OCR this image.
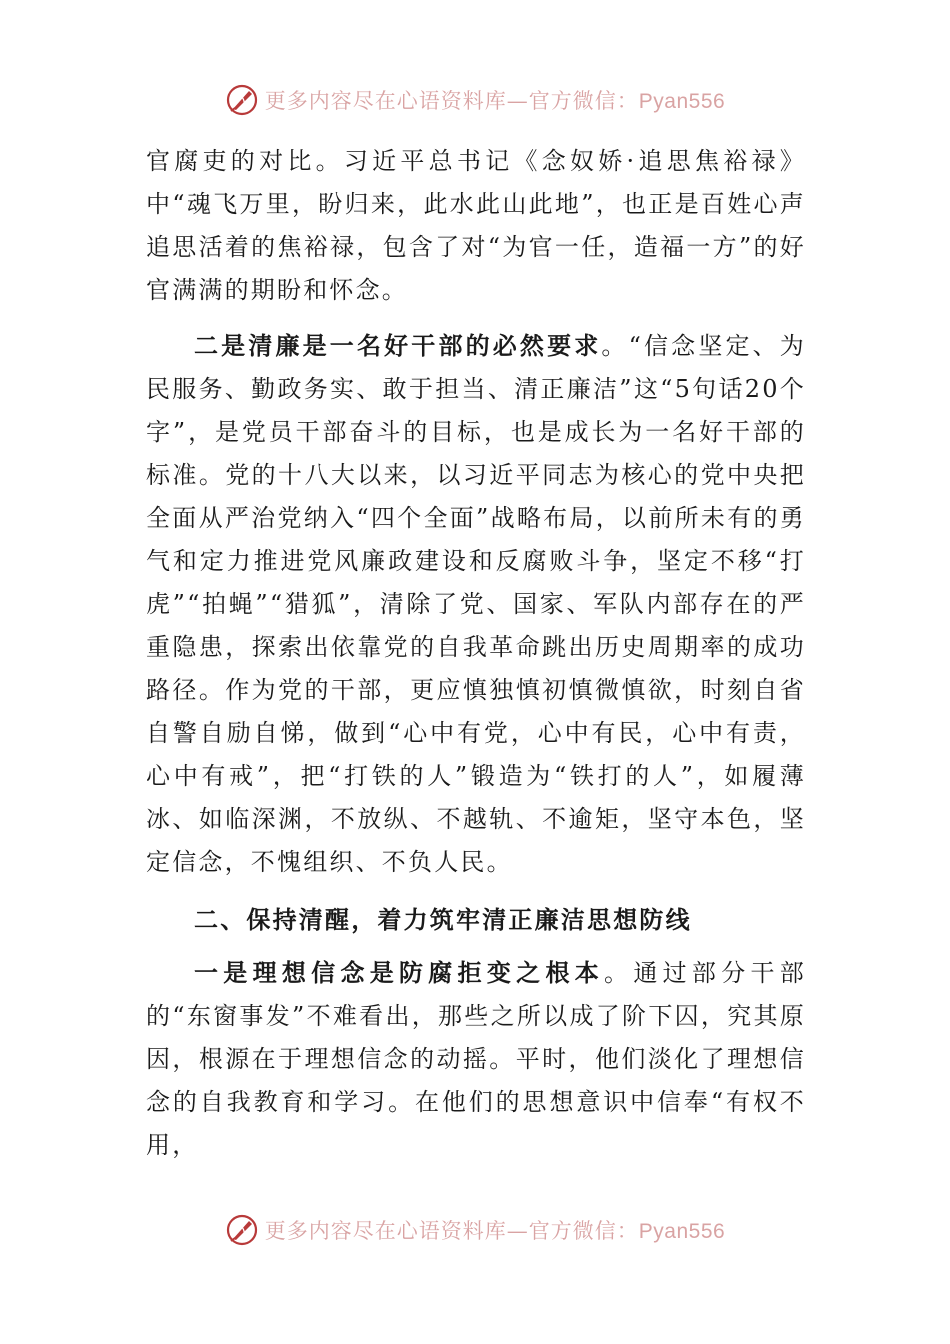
更多内容尽在心语资料库—官方微信：Pyan556

官腐吏的对比。习近平总书记《念奴娇·追思焦裕禄》中“魂飞万里，盼归来，此水此山此地”，也正是百姓心声追思活着的焦裕禄，包含了对“为官一任，造福一方”的好官满满的期盼和怀念。

二是清廉是一名好干部的必然要求。“信念坚定、为民服务、勤政务实、敢于担当、清正廉洁”这“5句话20个字”，是党员干部奋斗的目标，也是成长为一名好干部的标准。党的十八大以来，以习近平同志为核心的党中央把全面从严治党纳入“四个全面”战略布局，以前所未有的勇气和定力推进党风廉政建设和反腐败斗争，坚定不移“打虎”“拍蝇”“猎狐”，清除了党、国家、军队内部存在的严重隐患，探索出依靠党的自我革命跳出历史周期率的成功路径。作为党的干部，更应慎独慎初慎微慎欲，时刻自省自警自励自悌，做到“心中有党，心中有民，心中有责，心中有戒”，把“打铁的人”锻造为“铁打的人”，如履薄冰、如临深渊，不放纵、不越轨、不逾矩，坚守本色，坚定信念，不愧组织、不负人民。

二、保持清醒，着力筑牢清正廉洁思想防线

一是理想信念是防腐拒变之根本。通过部分干部的“东窗事发”不难看出，那些之所以成了阶下囚，究其原因，根源在于理想信念的动摇。平时，他们淡化了理想信念的自我教育和学习。在他们的思想意识中信奉“有权不用，

更多内容尽在心语资料库—官方微信：Pyan556
